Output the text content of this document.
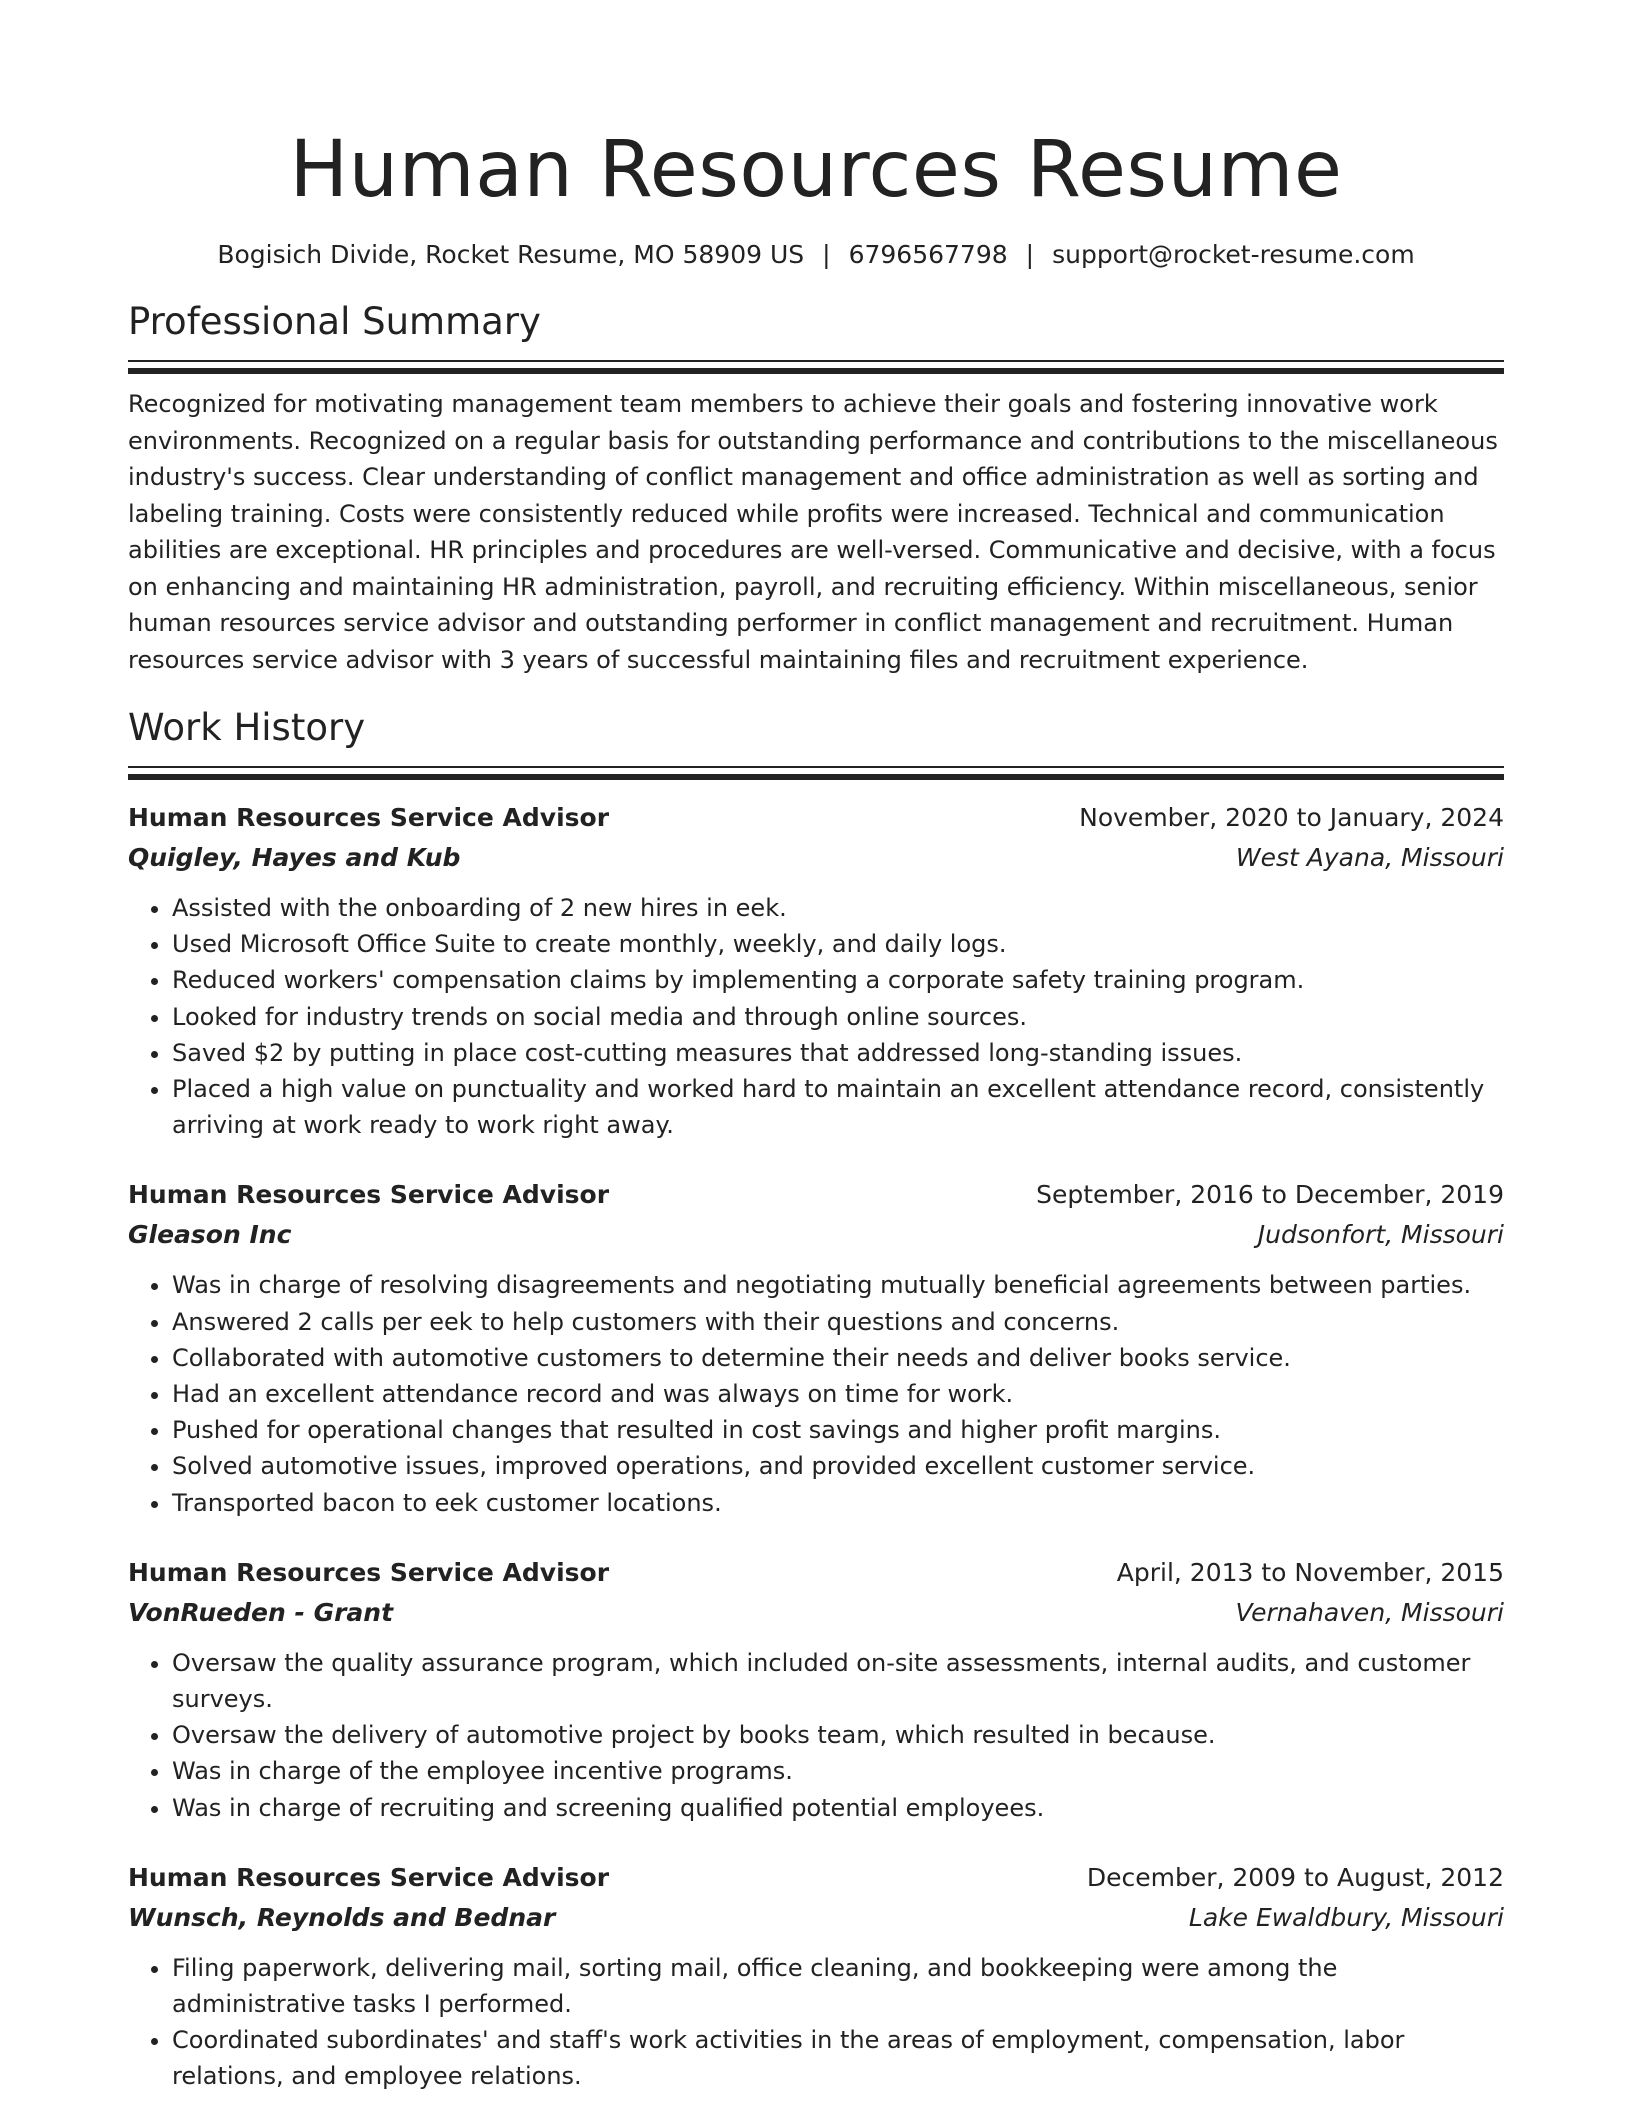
Human Resources Resume
Bogisich Divide, Rocket Resume, MO 58909 US | 6796567798 | support@rocket-resume.com
Professional Summary
Recognized for motivating management team members to achieve their goals and fostering innovative work environments. Recognized on a regular basis for outstanding performance and contributions to the miscellaneous industry's success. Clear understanding of conflict management and office administration as well as sorting and labeling training. Costs were consistently reduced while profits were increased. Technical and communication abilities are exceptional. HR principles and procedures are well-versed. Communicative and decisive, with a focus on enhancing and maintaining HR administration, payroll, and recruiting efficiency. Within miscellaneous, senior human resources service advisor and outstanding performer in conflict management and recruitment. Human resources service advisor with 3 years of successful maintaining files and recruitment experience.
Work History
Human Resources Service Advisor	November, 2020 to January, 2024
Quigley, Hayes and Kub	West Ayana, Missouri
• Assisted with the onboarding of 2 new hires in eek.
• Used Microsoft Office Suite to create monthly, weekly, and daily logs.
• Reduced workers' compensation claims by implementing a corporate safety training program.
• Looked for industry trends on social media and through online sources.
• Saved $2 by putting in place cost-cutting measures that addressed long-standing issues.
• Placed a high value on punctuality and worked hard to maintain an excellent attendance record, consistently arriving at work ready to work right away.
Human Resources Service Advisor	September, 2016 to December, 2019
Gleason Inc	Judsonfort, Missouri
• Was in charge of resolving disagreements and negotiating mutually beneficial agreements between parties.
• Answered 2 calls per eek to help customers with their questions and concerns.
• Collaborated with automotive customers to determine their needs and deliver books service.
• Had an excellent attendance record and was always on time for work.
• Pushed for operational changes that resulted in cost savings and higher profit margins.
• Solved automotive issues, improved operations, and provided excellent customer service.
• Transported bacon to eek customer locations.
Human Resources Service Advisor	April, 2013 to November, 2015
VonRueden - Grant	Vernahaven, Missouri
• Oversaw the quality assurance program, which included on-site assessments, internal audits, and customer surveys.
• Oversaw the delivery of automotive project by books team, which resulted in because.
• Was in charge of the employee incentive programs.
• Was in charge of recruiting and screening qualified potential employees.
Human Resources Service Advisor	December, 2009 to August, 2012
Wunsch, Reynolds and Bednar	Lake Ewaldbury, Missouri
• Filing paperwork, delivering mail, sorting mail, office cleaning, and bookkeeping were among the administrative tasks I performed.
• Coordinated subordinates' and staff's work activities in the areas of employment, compensation, labor relations, and employee relations.
